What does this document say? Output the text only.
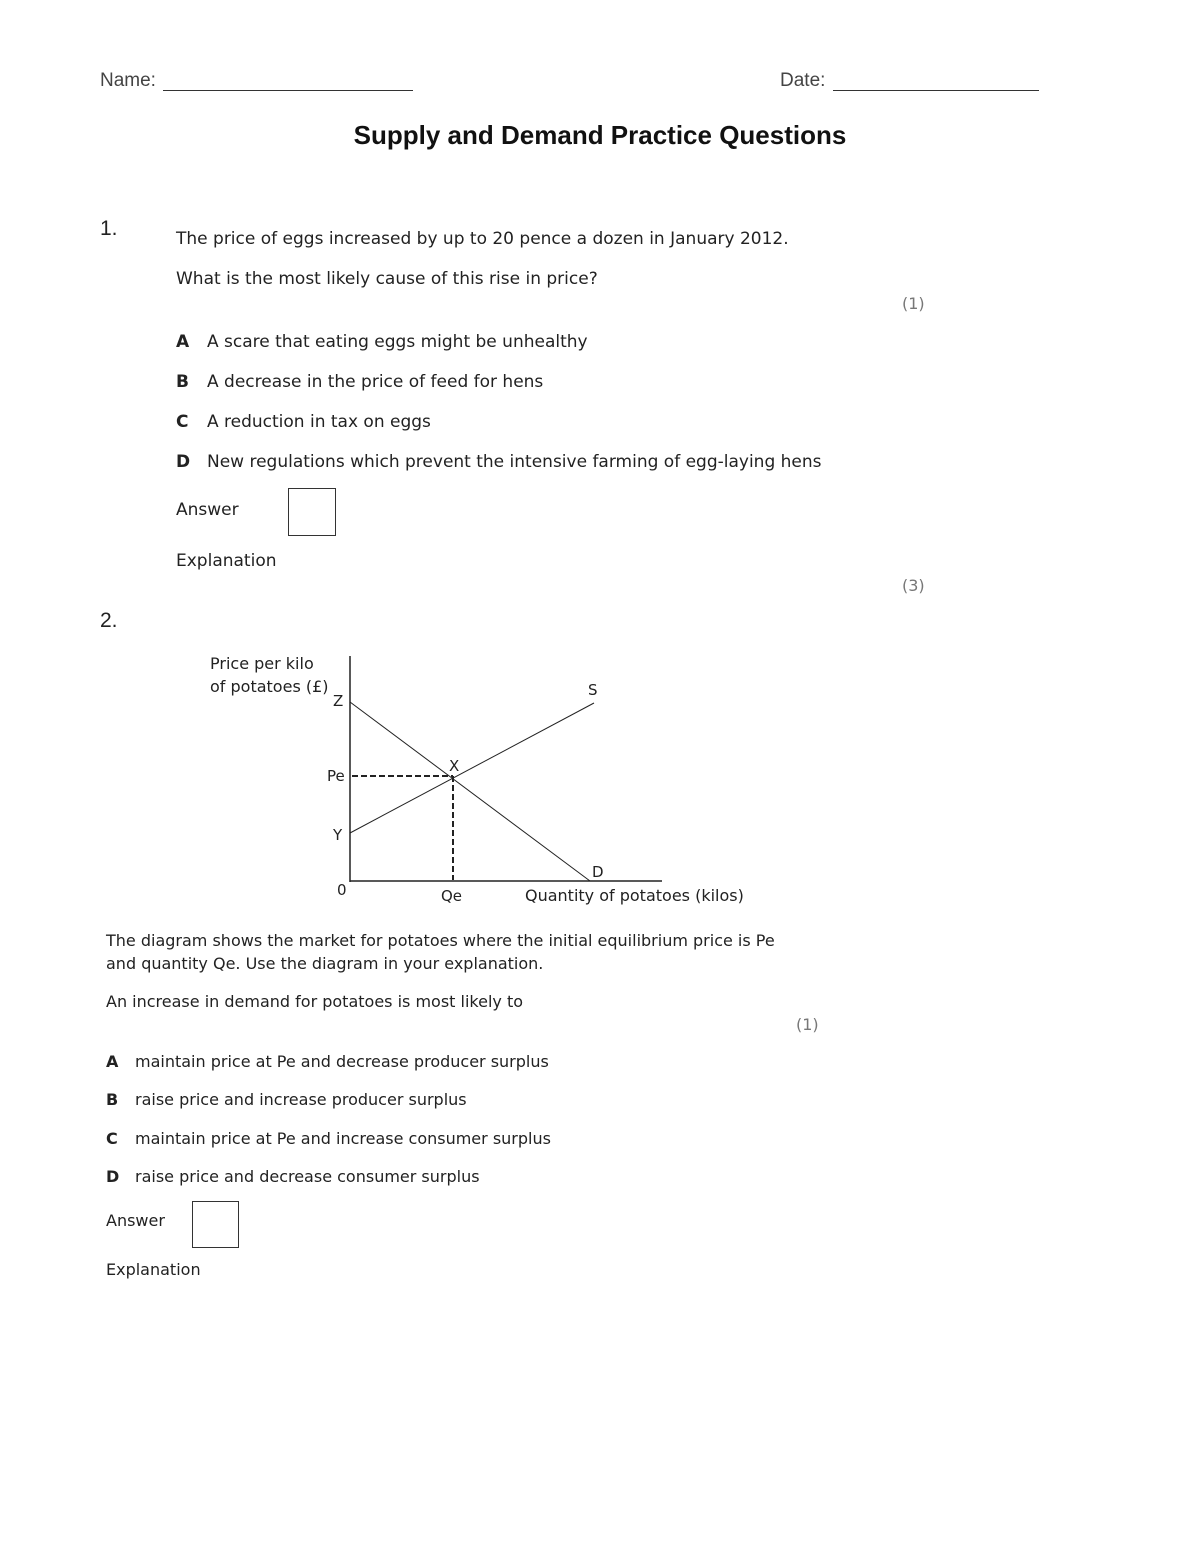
Name:	Date:
Supply and Demand Practice Questions
1.	The price of eggs increased by up to 20 pence a dozen in January 2012.
What is the most likely cause of this rise in price?
(1)
A A scare that eating eggs might be unhealthy
B A decrease in the price of feed for hens
C A reduction in tax on eggs
D New regulations which prevent the intensive farming of egg-laying hens
Answer
Explanation
(3)
2.
Price per kilo
of potatoes (£)
Z
Pe
Y
0	Qe
X
S
D
Quantity of potatoes (kilos)
The diagram shows the market for potatoes where the initial equilibrium price is Pe
and quantity Qe. Use the diagram in your explanation.
An increase in demand for potatoes is most likely to
(1)
A maintain price at Pe and decrease producer surplus
B raise price and increase producer surplus
C maintain price at Pe and increase consumer surplus
D raise price and decrease consumer surplus
Answer
Explanation
